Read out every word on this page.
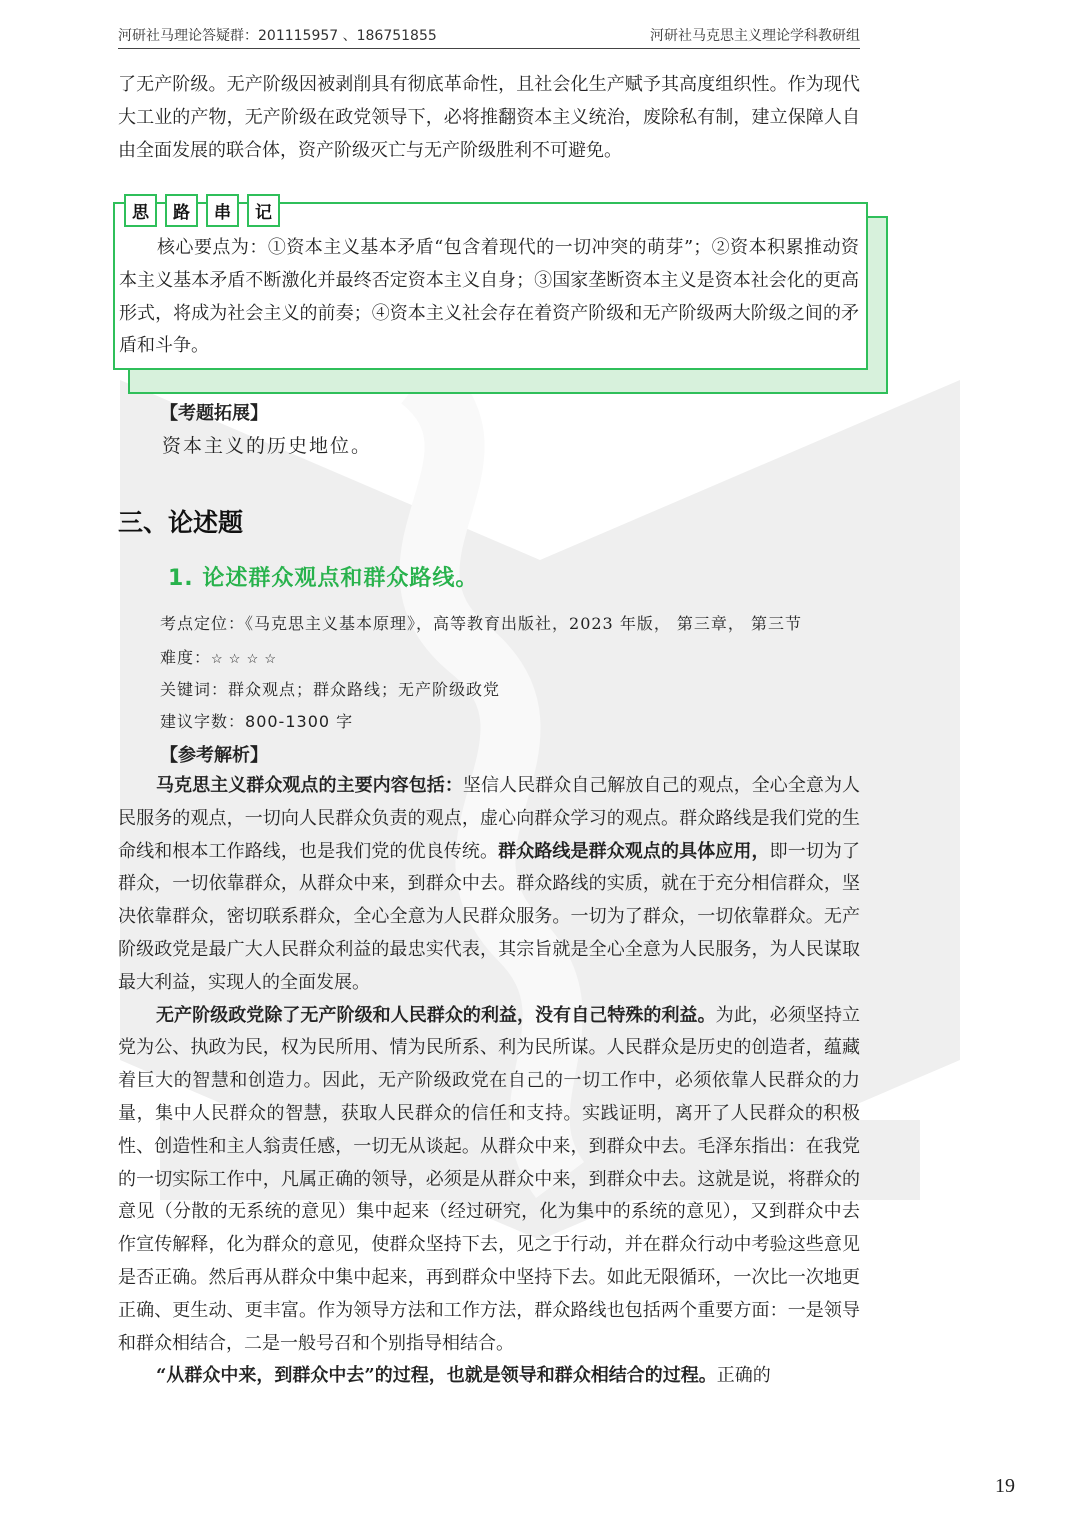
河研社马理论答疑群：201115957 、186751855	河研社马克思主义理论学科教研组

了无产阶级。无产阶级因被剥削具有彻底革命性，且社会化生产赋予其高度组织性。作为现代大工业的产物，无产阶级在政党领导下，必将推翻资本主义统治，废除私有制，建立保障人自由全面发展的联合体，资产阶级灭亡与无产阶级胜利不可避免。

思	路	串	记

核心要点为：①资本主义基本矛盾“包含着现代的一切冲突的萌芽”；②资本积累推动资本主义基本矛盾不断激化并最终否定资本主义自身；③国家垄断资本主义是资本社会化的更高形式，将成为社会主义的前奏；④资本主义社会存在着资产阶级和无产阶级两大阶级之间的矛盾和斗争。

【考题拓展】
资本主义的历史地位。
三、论述题
1. 论述群众观点和群众路线。
考点定位：《马克思主义基本原理》，高等教育出版社，2023 年版， 第三章， 第三节
难度：☆ ☆ ☆ ☆
关键词：群众观点；群众路线；无产阶级政党
建议字数：800-1300 字
【参考解析】

马克思主义群众观点的主要内容包括：坚信人民群众自己解放自己的观点，全心全意为人民服务的观点，一切向人民群众负责的观点，虚心向群众学习的观点。群众路线是我们党的生命线和根本工作路线，也是我们党的优良传统。群众路线是群众观点的具体应用，即一切为了群众，一切依靠群众，从群众中来，到群众中去。群众路线的实质，就在于充分相信群众，坚决依靠群众，密切联系群众，全心全意为人民群众服务。一切为了群众，一切依靠群众。无产阶级政党是最广大人民群众利益的最忠实代表，其宗旨就是全心全意为人民服务，为人民谋取最大利益，实现人的全面发展。

无产阶级政党除了无产阶级和人民群众的利益，没有自己特殊的利益。为此，必须坚持立党为公、执政为民，权为民所用、情为民所系、利为民所谋。人民群众是历史的创造者，蕴藏着巨大的智慧和创造力。因此，无产阶级政党在自己的一切工作中，必须依靠人民群众的力量，集中人民群众的智慧，获取人民群众的信任和支持。实践证明，离开了人民群众的积极性、创造性和主人翁责任感，一切无从谈起。从群众中来，到群众中去。毛泽东指出：在我党的一切实际工作中，凡属正确的领导，必须是从群众中来，到群众中去。这就是说，将群众的意见（分散的无系统的意见）集中起来（经过研究，化为集中的系统的意见），又到群众中去作宣传解释，化为群众的意见，使群众坚持下去，见之于行动，并在群众行动中考验这些意见是否正确。然后再从群众中集中起来，再到群众中坚持下去。如此无限循环，一次比一次地更正确、更生动、更丰富。作为领导方法和工作方法，群众路线也包括两个重要方面：一是领导和群众相结合，二是一般号召和个别指导相结合。

“从群众中来，到群众中去”的过程，也就是领导和群众相结合的过程。正确的

19
